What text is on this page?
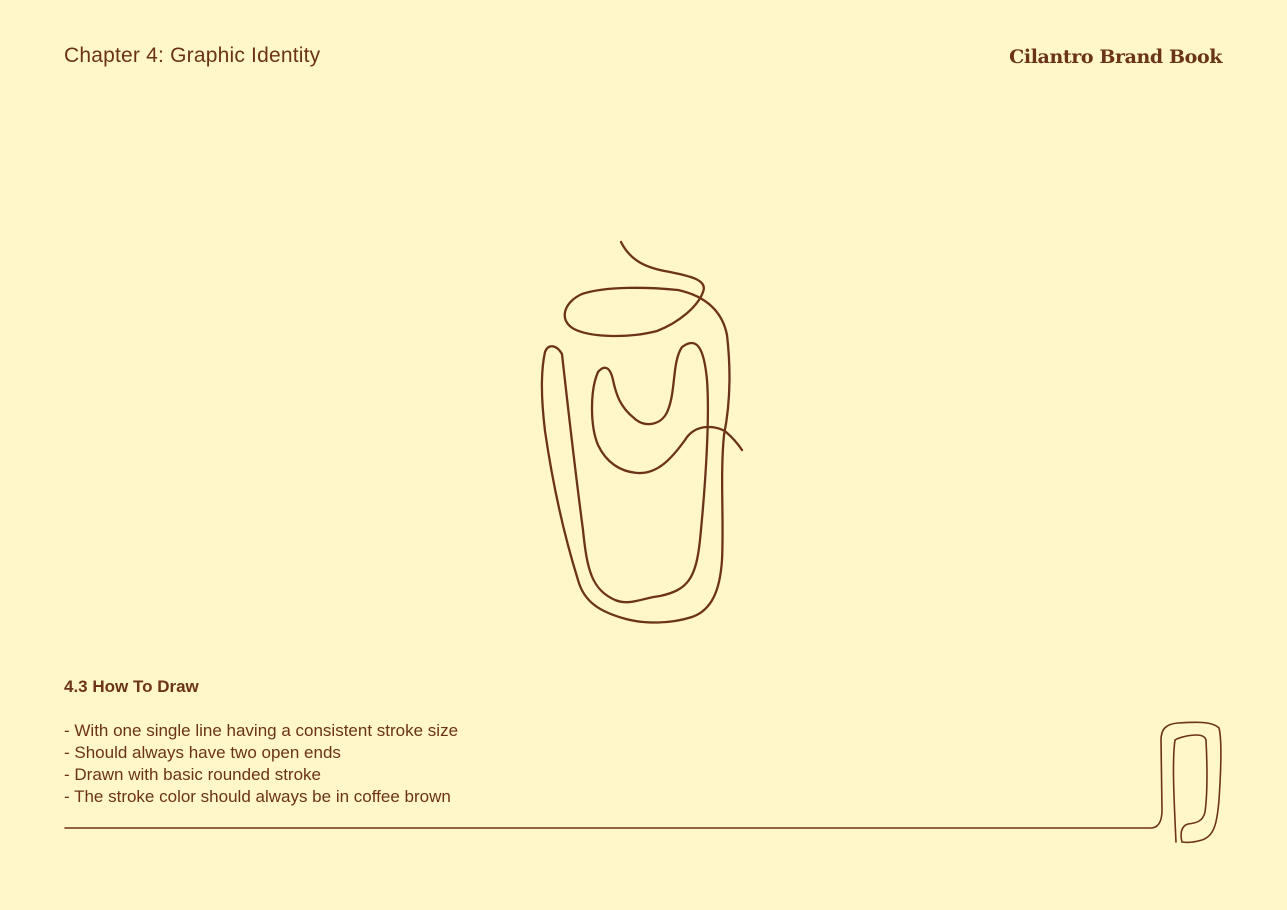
Chapter 4: Graphic Identity	Cilantro Brand Book
4.3 How To Draw
- With one single line having a consistent stroke size
- Should always have two open ends
- Drawn with basic rounded stroke
- The stroke color should always be in coffee brown
